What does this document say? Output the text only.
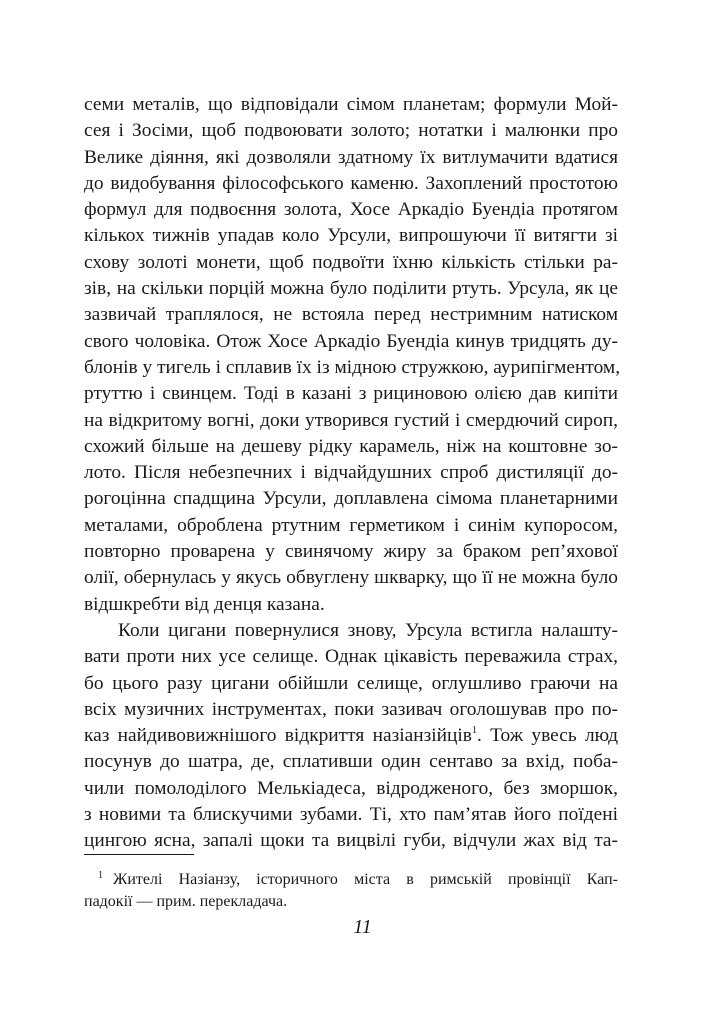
семи металів, що відповідали сімом планетам; формули Мой-
сея і Зосіми, щоб подвоювати золото; нотатки і малюнки про
Велике діяння, які дозволяли здатному їх витлумачити вдатися
до видобування філософського каменю. Захоплений простотою
формул для подвоєння золота, Хосе Аркадіо Буендіа протягом
кількох тижнів упадав коло Урсули, випрошуючи її витягти зі
схову золоті монети, щоб подвоїти їхню кількість стільки ра-
зів, на скільки порцій можна було поділити ртуть. Урсула, як це
зазвичай траплялося, не встояла перед нестримним натиском
свого чоловіка. Отож Хосе Аркадіо Буендіа кинув тридцять ду-
блонів у тигель і сплавив їх із мідною стружкою, аурипігментом,
ртуттю і свинцем. Тоді в казані з рициновою олією дав кипіти
на відкритому вогні, доки утворився густий і смердючий сироп,
схожий більше на дешеву рідку карамель, ніж на коштовне зо-
лото. Після небезпечних і відчайдушних спроб дистиляції до-
рогоцінна спадщина Урсули, доплавлена сімома планетарними
металами, оброблена ртутним герметиком і синім купоросом,
повторно проварена у свинячому жиру за браком реп’яхової
олії, обернулась у якусь обвуглену шкварку, що її не можна було
відшкребти від денця казана.
Коли цигани повернулися знову, Урсула встигла налашту-
вати проти них усе селище. Однак цікавість переважила страх,
бо цього разу цигани обійшли селище, оглушливо граючи на
всіх музичних інструментах, поки зазивач оголошував про по-
каз найдивовижнішого відкриття назіанзійців$^1$. Тож увесь люд
посунув до шатра, де, сплативши один сентаво за вхід, поба-
чили помолоділого Мелькіадеса, відродженого, без зморшок,
з новими та блискучими зубами. Ті, хто пам’ятав його поїдені
цингою ясна, запалі щоки та вицвілі губи, відчули жах від та-
$^1$ Жителі Назіанзу, історичного міста в римській провінції Кап-
падокії — прим. перекладача.
11
